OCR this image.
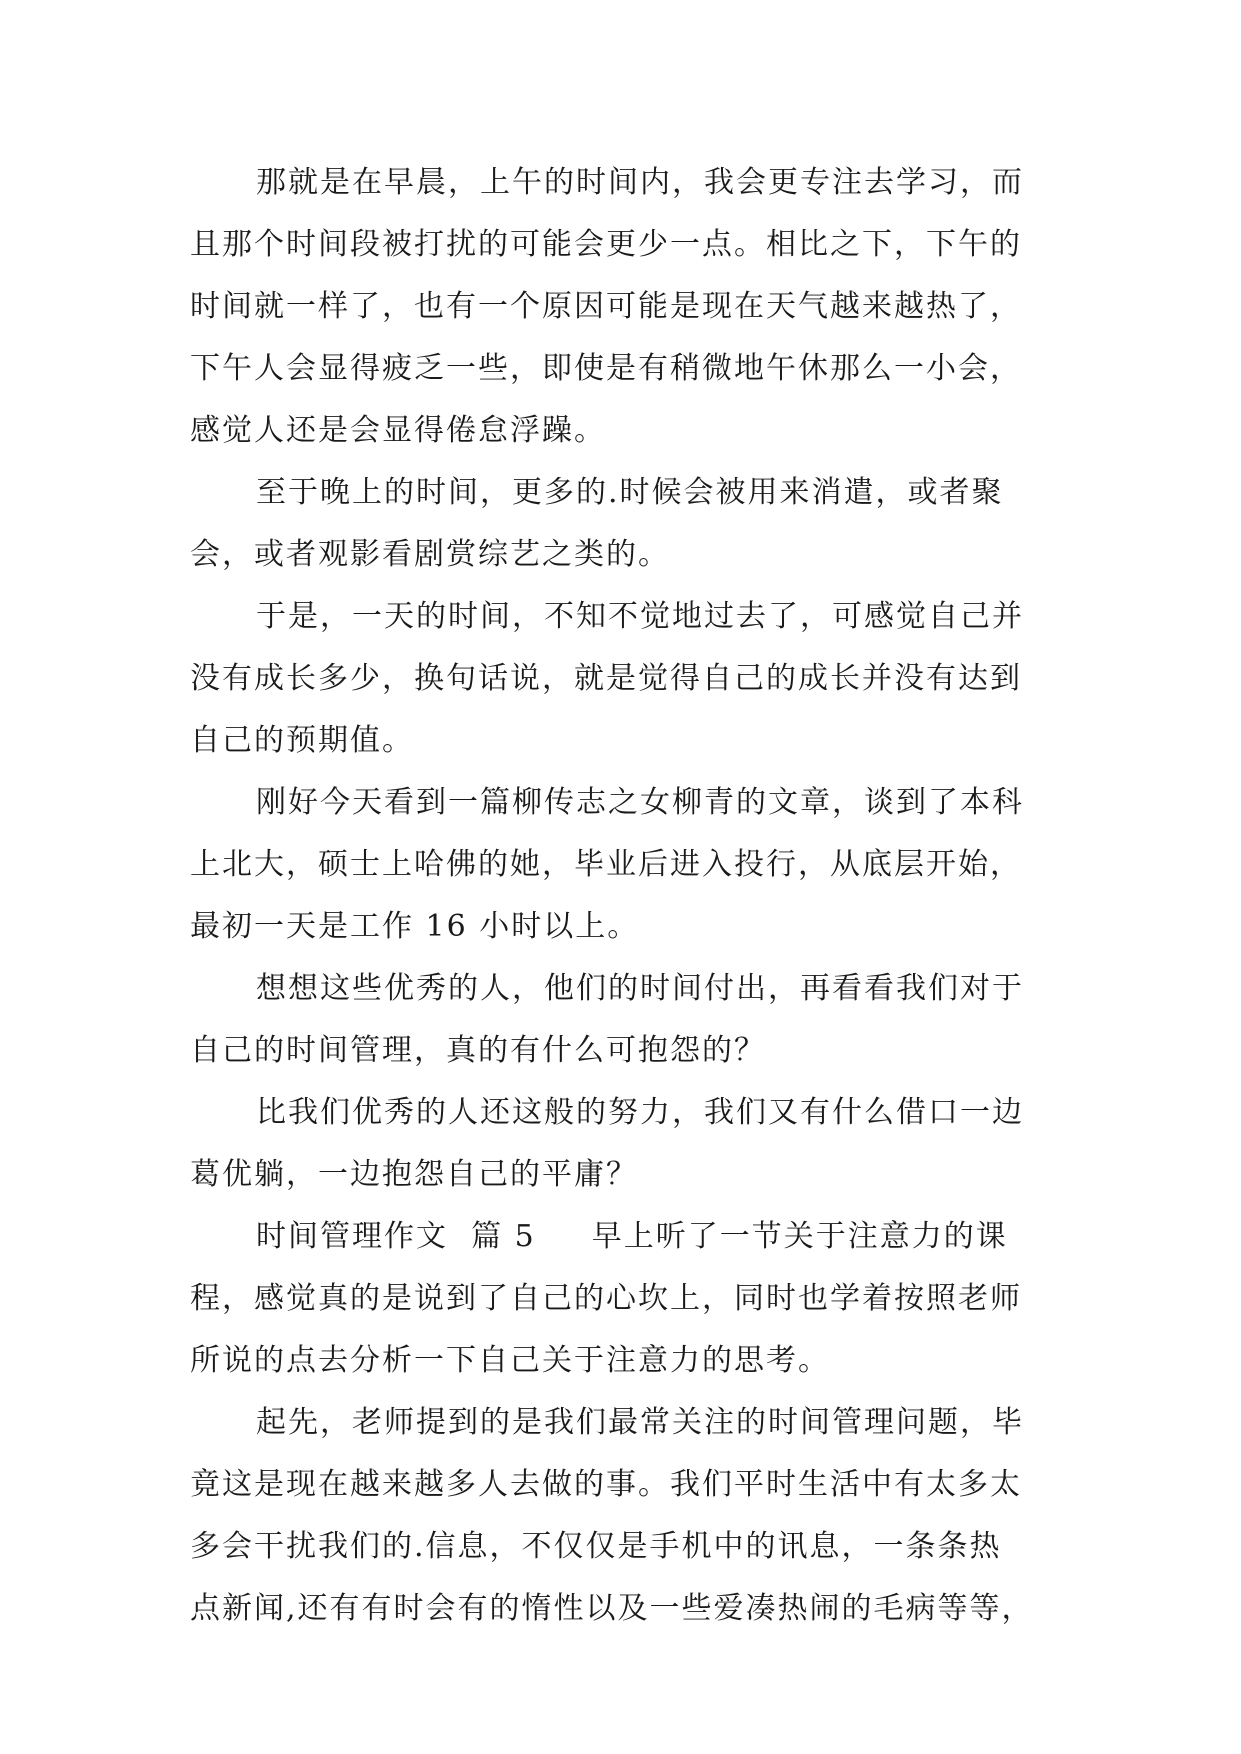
那就是在早晨，上午的时间内，我会更专注去学习，而
且那个时间段被打扰的可能会更少一点。相比之下，下午的
时间就一样了，也有一个原因可能是现在天气越来越热了，
下午人会显得疲乏一些，即使是有稍微地午休那么一小会，
感觉人还是会显得倦怠浮躁。

至于晚上的时间，更多的.时候会被用来消遣，或者聚
会，或者观影看剧赏综艺之类的。

于是，一天的时间，不知不觉地过去了，可感觉自己并
没有成长多少，换句话说，就是觉得自己的成长并没有达到
自己的预期值。

刚好今天看到一篇柳传志之女柳青的文章，谈到了本科
上北大，硕士上哈佛的她，毕业后进入投行，从底层开始，
最初一天是工作 16 小时以上。

想想这些优秀的人，他们的时间付出，再看看我们对于
自己的时间管理，真的有什么可抱怨的？

比我们优秀的人还这般的努力，我们又有什么借口一边
葛优躺，一边抱怨自己的平庸？

时间管理作文  篇 5 早上听了一节关于注意力的课
程，感觉真的是说到了自己的心坎上，同时也学着按照老师
所说的点去分析一下自己关于注意力的思考。

起先，老师提到的是我们最常关注的时间管理问题，毕
竟这是现在越来越多人去做的事。我们平时生活中有太多太
多会干扰我们的.信息，不仅仅是手机中的讯息，一条条热
点新闻,还有有时会有的惰性以及一些爱凑热闹的毛病等等，
